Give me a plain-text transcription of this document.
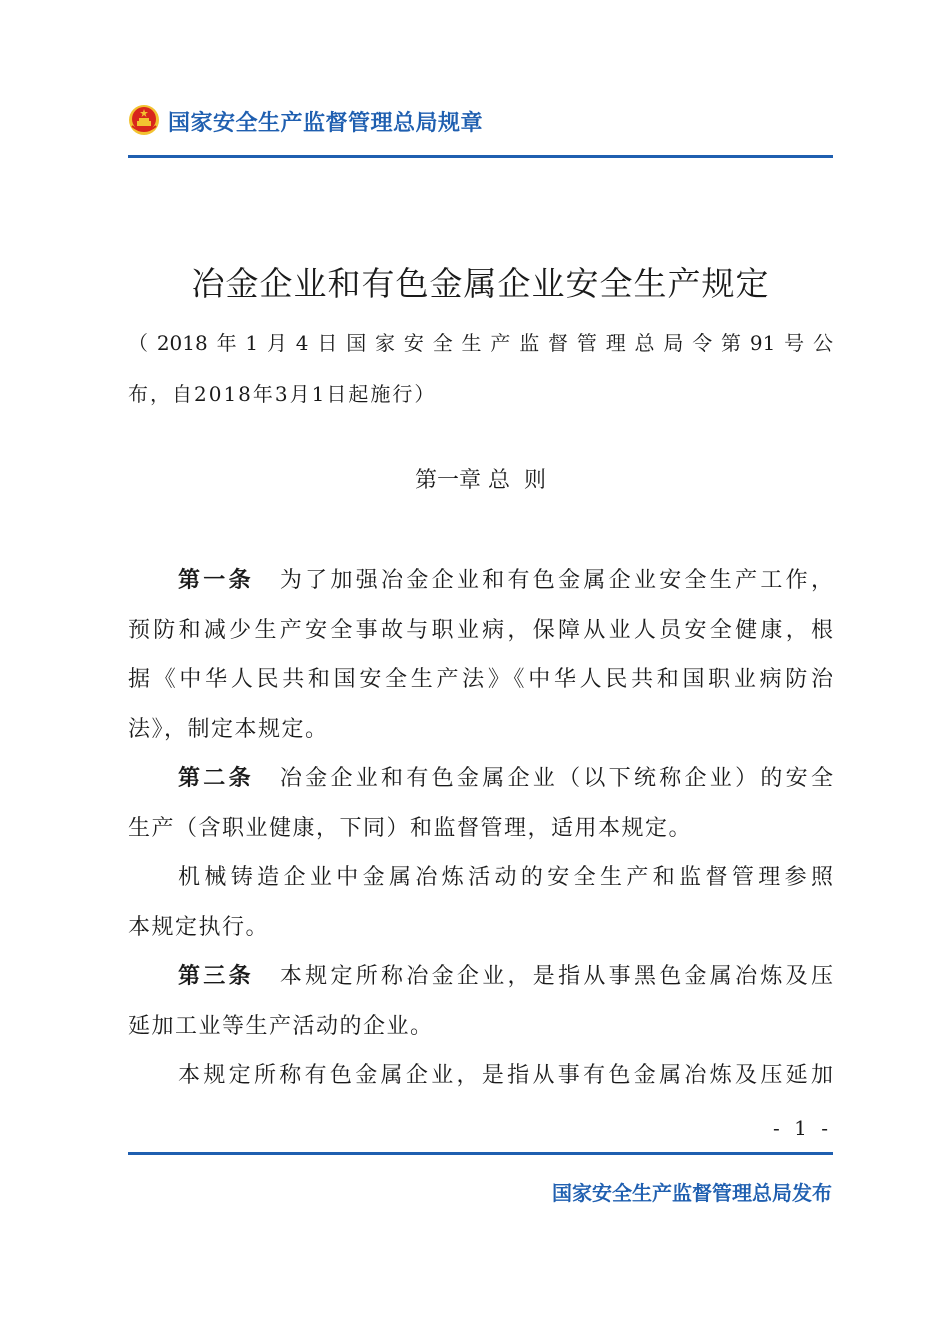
国家安全生产监督管理总局规章
冶金企业和有色金属企业安全生产规定
（2018年1月4日国家安全生产监督管理总局令第91号公
布，自2018年3月1日起施行）
第一章 总  则
第一条 为了加强冶金企业和有色金属企业安全生产工作，
预防和减少生产安全事故与职业病，保障从业人员安全健康，根
据《中华人民共和国安全生产法》《中华人民共和国职业病防治
法》，制定本规定。
第二条 冶金企业和有色金属企业（以下统称企业）的安全
生产（含职业健康，下同）和监督管理，适用本规定。
机械铸造企业中金属冶炼活动的安全生产和监督管理参照
本规定执行。
第三条 本规定所称冶金企业，是指从事黑色金属冶炼及压
延加工业等生产活动的企业。
本规定所称有色金属企业，是指从事有色金属冶炼及压延加
- 1 -
国家安全生产监督管理总局发布
